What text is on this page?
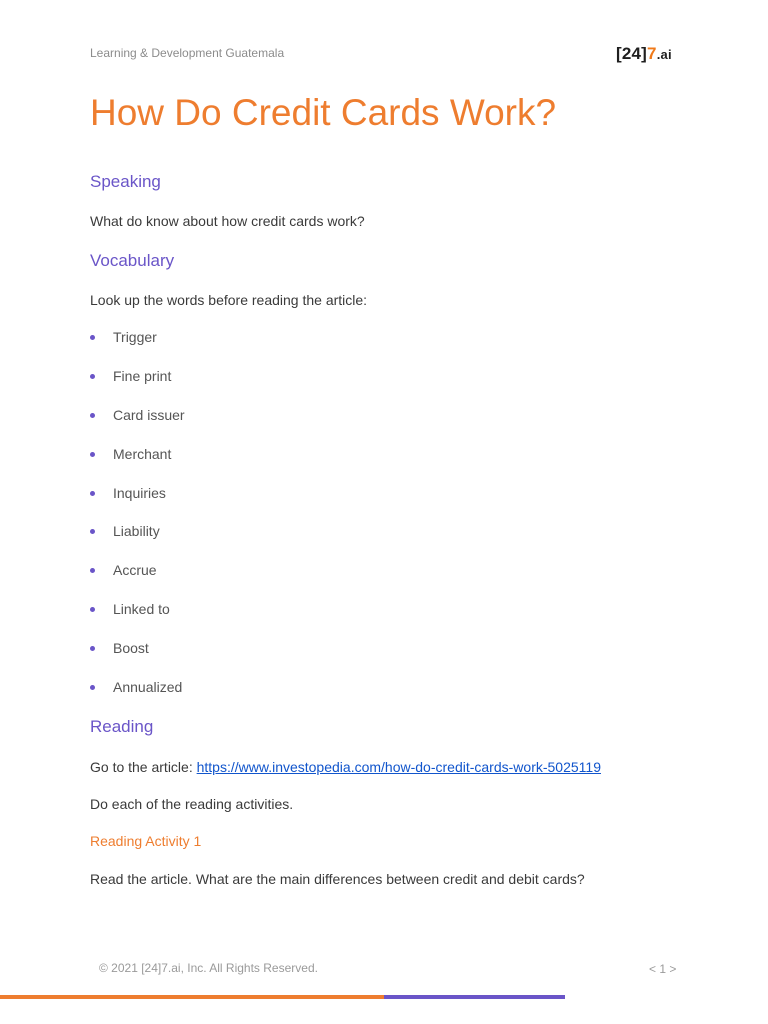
Learning & Development Guatemala	[24]7.ai
How Do Credit Cards Work?
Speaking

What do know about how credit cards work?

Vocabulary

Look up the words before reading the article:

Trigger
Fine print
Card issuer
Merchant
Inquiries
Liability
Accrue
Linked to
Boost
Annualized
Reading

Go to the article: https://www.investopedia.com/how-do-credit-cards-work-5025119

Do each of the reading activities.

Reading Activity 1

Read the article. What are the main differences between credit and debit cards?

© 2021 [24]7.ai, Inc. All Rights Reserved.	< 1 >
